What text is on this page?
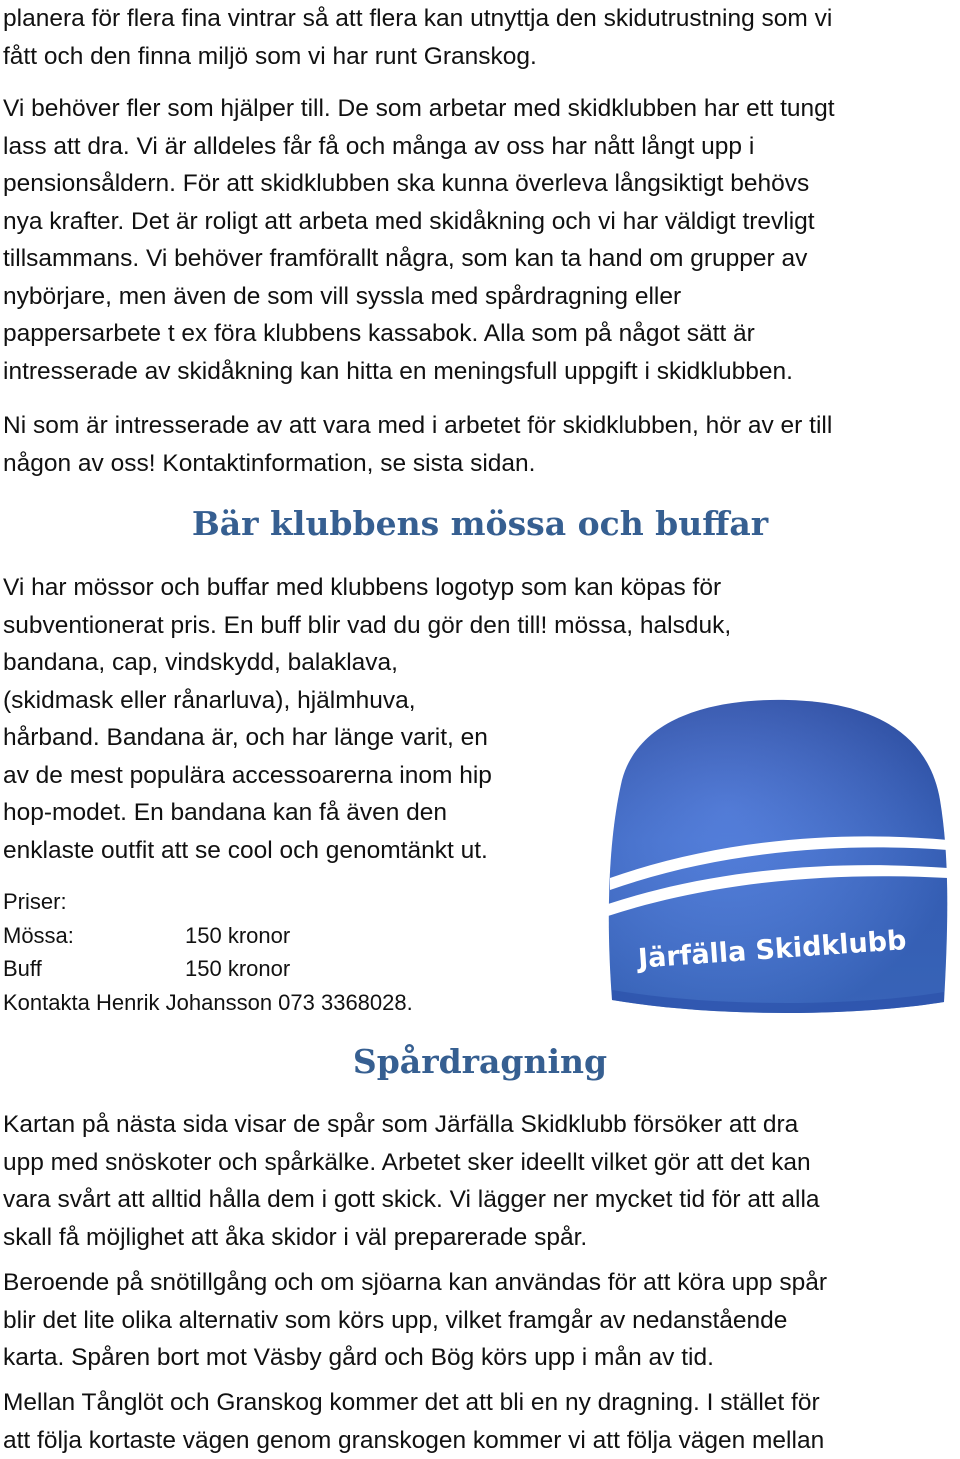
planera för flera fina vintrar så att flera kan utnyttja den skidutrustning som vi
fått och den finna miljö som vi har runt Granskog.

Vi behöver fler som hjälper till. De som arbetar med skidklubben har ett tungt
lass att dra. Vi är alldeles får få och många av oss har nått långt upp i
pensionsåldern. För att skidklubben ska kunna överleva långsiktigt behövs
nya krafter. Det är roligt att arbeta med skidåkning och vi har väldigt trevligt
tillsammans. Vi behöver framförallt några, som kan ta hand om grupper av
nybörjare, men även de som vill syssla med spårdragning eller
pappersarbete t ex föra klubbens kassabok. Alla som på något sätt är
intresserade av skidåkning kan hitta en meningsfull uppgift i skidklubben.

Ni som är intresserade av att vara med i arbetet för skidklubben, hör av er till
någon av oss! Kontaktinformation, se sista sidan.

Bär klubbens mössa och buffar

Vi har mössor och buffar med klubbens logotyp som kan köpas för
subventionerat pris. En buff blir vad du gör den till! mössa, halsduk,
bandana, cap, vindskydd, balaklava,
(skidmask eller rånarluva), hjälmhuva,
hårband. Bandana är, och har länge varit, en
av de mest populära accessoarerna inom hip
hop-modet. En bandana kan få även den
enklaste outfit att se cool och genomtänkt ut.

Priser:
Mössa:	150 kronor
Buff	150 kronor
Kontakta Henrik Johansson 073 3368028.
Järfälla Skidklubb
Spårdragning

Kartan på nästa sida visar de spår som Järfälla Skidklubb försöker att dra
upp med snöskoter och spårkälke. Arbetet sker ideellt vilket gör att det kan
vara svårt att alltid hålla dem i gott skick. Vi lägger ner mycket tid för att alla
skall få möjlighet att åka skidor i väl preparerade spår.

Beroende på snötillgång och om sjöarna kan användas för att köra upp spår
blir det lite olika alternativ som körs upp, vilket framgår av nedanstående
karta. Spåren bort mot Väsby gård och Bög körs upp i mån av tid.

Mellan Tånglöt och Granskog kommer det att bli en ny dragning. I stället för
att följa kortaste vägen genom granskogen kommer vi att följa vägen mellan
